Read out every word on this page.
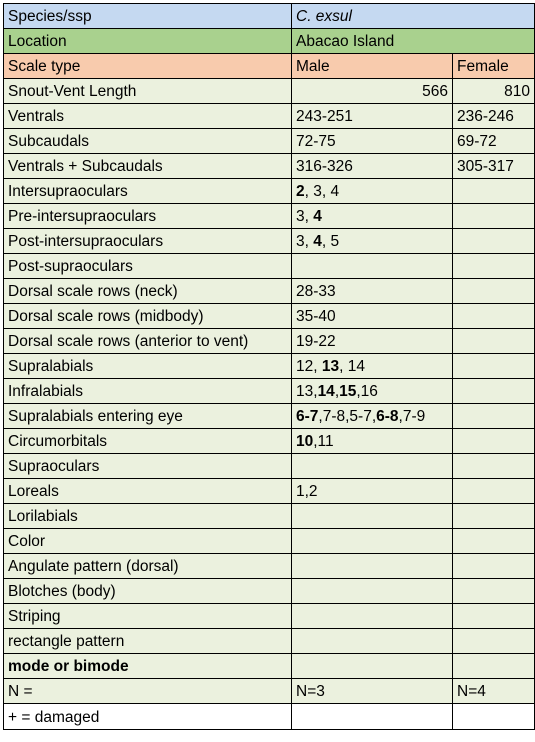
Species/ssp	C. exsul	
Location	Abacao Island	
Scale type	Male	Female
Snout-Vent Length	566	810
Ventrals	243-251	236-246
Subcaudals	72-75	69-72
Ventrals + Subcaudals	316-326	305-317
Intersupraoculars	2, 3, 4	
Pre-intersupraoculars	3, 4	
Post-intersupraoculars	3, 4, 5	
Post-supraoculars		
Dorsal scale rows (neck)	28-33	
Dorsal scale rows (midbody)	35-40	
Dorsal scale rows (anterior to vent)	19-22	
Supralabials	12, 13, 14	
Infralabials	13,14,15,16	
Supralabials entering eye	6-7,7-8,5-7,6-8,7-9	
Circumorbitals	10,11	
Supraoculars		
Loreals	1,2	
Lorilabials		
Color		
Angulate pattern (dorsal)		
Blotches (body)		
Striping		
rectangle pattern		
mode or bimode		
N =	N=3	N=4
+ = damaged		
